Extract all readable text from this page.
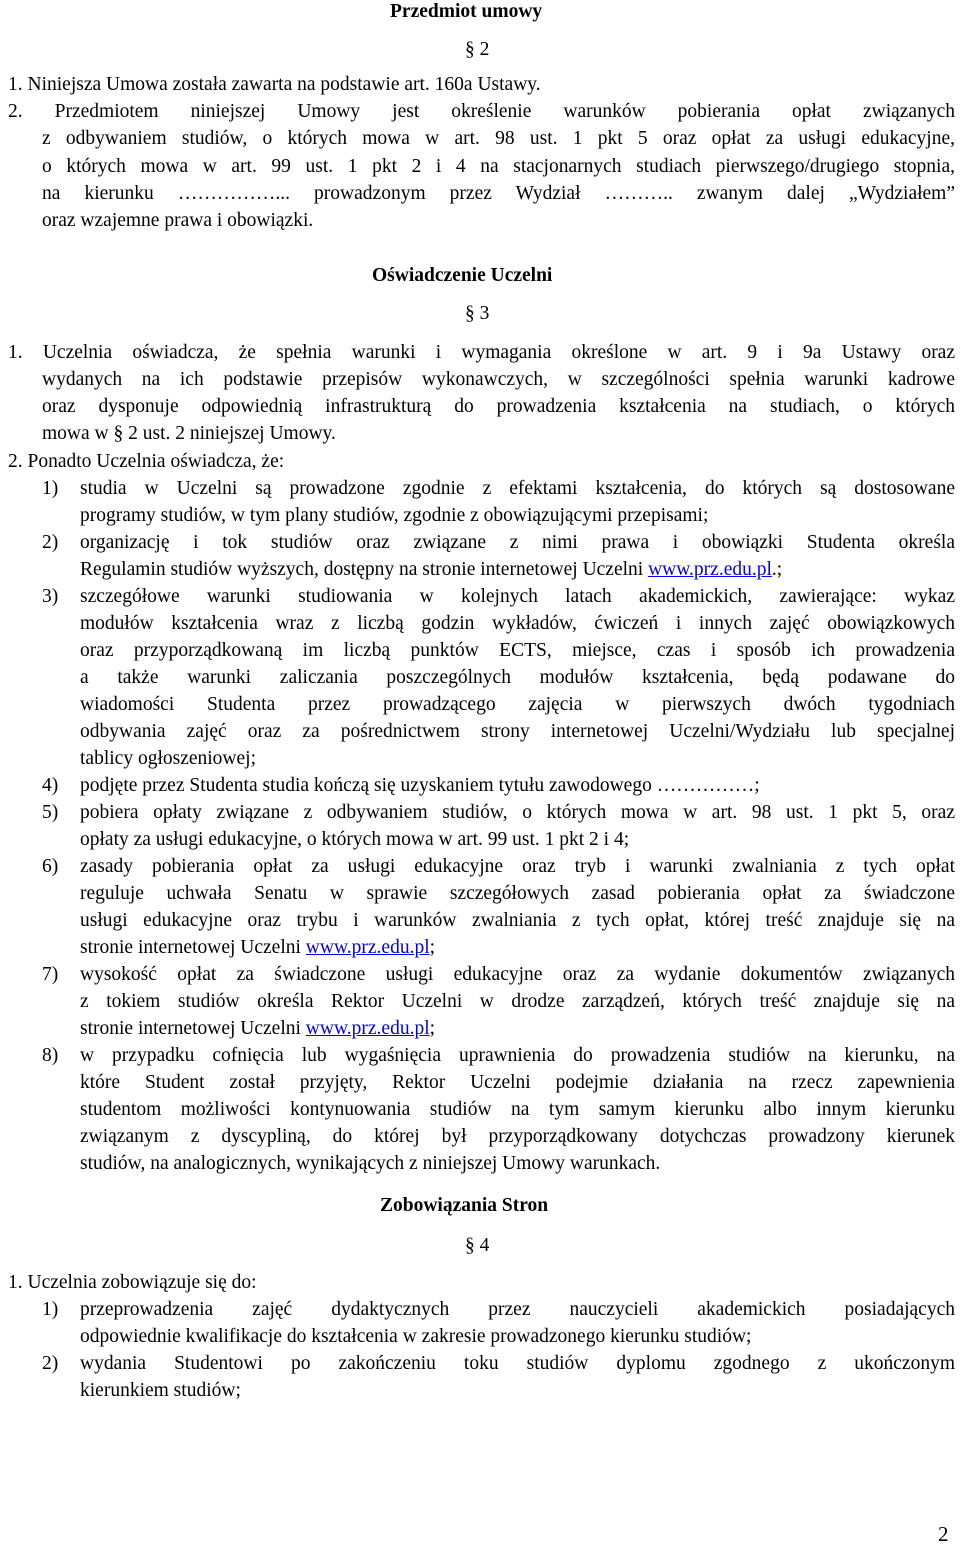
Przedmiot umowy
§ 2
1. Niniejsza Umowa została zawarta na podstawie art. 160a Ustawy.
2. Przedmiotem niniejszej Umowy jest określenie warunków pobierania opłat związanych
z odbywaniem studiów, o których mowa w art. 98 ust. 1 pkt 5 oraz opłat za usługi edukacyjne,
o których mowa w art. 99 ust. 1 pkt 2 i 4 na stacjonarnych studiach pierwszego/drugiego stopnia,
na kierunku ……………... prowadzonym przez Wydział ……….. zwanym dalej „Wydziałem”
oraz wzajemne prawa i obowiązki.
Oświadczenie Uczelni
§ 3
1. Uczelnia oświadcza, że spełnia warunki i wymagania określone w art. 9 i 9a Ustawy oraz
wydanych na ich podstawie przepisów wykonawczych, w szczególności spełnia warunki kadrowe
oraz dysponuje odpowiednią infrastrukturą do prowadzenia kształcenia na studiach, o których
mowa w § 2 ust. 2 niniejszej Umowy.
2. Ponadto Uczelnia oświadcza, że:
1) studia w Uczelni są prowadzone zgodnie z efektami kształcenia, do których są dostosowane
programy studiów, w tym plany studiów, zgodnie z obowiązującymi przepisami;
2) organizację i tok studiów oraz związane z nimi prawa i obowiązki Studenta określa
Regulamin studiów wyższych, dostępny na stronie internetowej Uczelni www.prz.edu.pl.;
3) szczegółowe warunki studiowania w kolejnych latach akademickich, zawierające: wykaz
modułów kształcenia wraz z liczbą godzin wykładów, ćwiczeń i innych zajęć obowiązkowych
oraz przyporządkowaną im liczbą punktów ECTS, miejsce, czas i sposób ich prowadzenia
a także warunki zaliczania poszczególnych modułów kształcenia, będą podawane do
wiadomości Studenta przez prowadzącego zajęcia w pierwszych dwóch tygodniach
odbywania zajęć oraz za pośrednictwem strony internetowej Uczelni/Wydziału lub specjalnej
tablicy ogłoszeniowej;
4) podjęte przez Studenta studia kończą się uzyskaniem tytułu zawodowego ……………;
5) pobiera opłaty związane z odbywaniem studiów, o których mowa w art. 98 ust. 1 pkt 5, oraz
opłaty za usługi edukacyjne, o których mowa w art. 99 ust. 1 pkt 2 i 4;
6) zasady pobierania opłat za usługi edukacyjne oraz tryb i warunki zwalniania z tych opłat
reguluje uchwała Senatu w sprawie szczegółowych zasad pobierania opłat za świadczone
usługi edukacyjne oraz trybu i warunków zwalniania z tych opłat, której treść znajduje się na
stronie internetowej Uczelni www.prz.edu.pl;
7) wysokość opłat za świadczone usługi edukacyjne oraz za wydanie dokumentów związanych
z tokiem studiów określa Rektor Uczelni w drodze zarządzeń, których treść znajduje się na
stronie internetowej Uczelni www.prz.edu.pl;
8) w przypadku cofnięcia lub wygaśnięcia uprawnienia do prowadzenia studiów na kierunku, na
które Student został przyjęty, Rektor Uczelni podejmie działania na rzecz zapewnienia
studentom możliwości kontynuowania studiów na tym samym kierunku albo innym kierunku
związanym z dyscypliną, do której był przyporządkowany dotychczas prowadzony kierunek
studiów, na analogicznych, wynikających z niniejszej Umowy warunkach.
Zobowiązania Stron
§ 4
1. Uczelnia zobowiązuje się do:
1) przeprowadzenia zajęć dydaktycznych przez nauczycieli akademickich posiadających
odpowiednie kwalifikacje do kształcenia w zakresie prowadzonego kierunku studiów;
2) wydania Studentowi po zakończeniu toku studiów dyplomu zgodnego z ukończonym
kierunkiem studiów;
2
